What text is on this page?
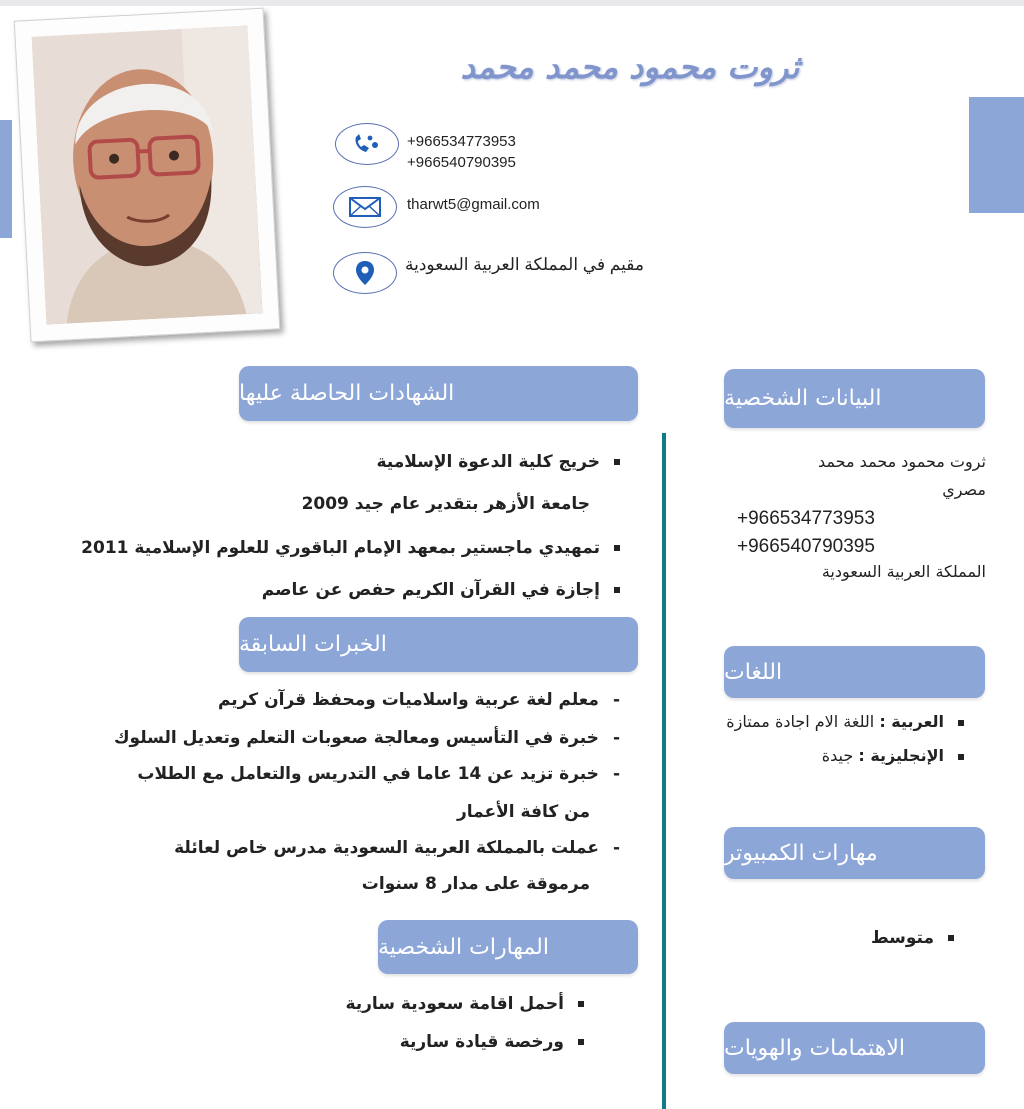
ثروت محمود محمد محمد
+966534773953
+966540790395
tharwt5@gmail.com
مقيم في المملكة العربية السعودية
الشهادات الحاصلة عليها	البيانات الشخصية
الخبرات السابقة
اللغات
مهارات الكمبيوتر
المهارات الشخصية
الاهتمامات والهويات
خريج كلية الدعوة الإسلامية
جامعة الأزهر بتقدير عام جيد 2009
تمهيدي ماجستير بمعهد الإمام الباقوري للعلوم الإسلامية 2011
إجازة في القرآن الكريم حفص عن عاصم
-معلم لغة عربية واسلاميات ومحفظ قرآن كريم
-خبرة في التأسيس ومعالجة صعوبات التعلم وتعديل السلوك
-خبرة تزيد عن 14 عاما في التدريس والتعامل مع الطلاب
من كافة الأعمار
-عملت بالمملكة العربية السعودية مدرس خاص لعائلة
مرموقة على مدار 8 سنوات
أحمل اقامة سعودية سارية
ورخصة قيادة سارية
ثروت محمود محمد محمد
مصري
+966534773953
+966540790395
المملكة العربية السعودية
العربية : اللغة الام اجادة ممتازة
الإنجليزية : جيدة
متوسط
